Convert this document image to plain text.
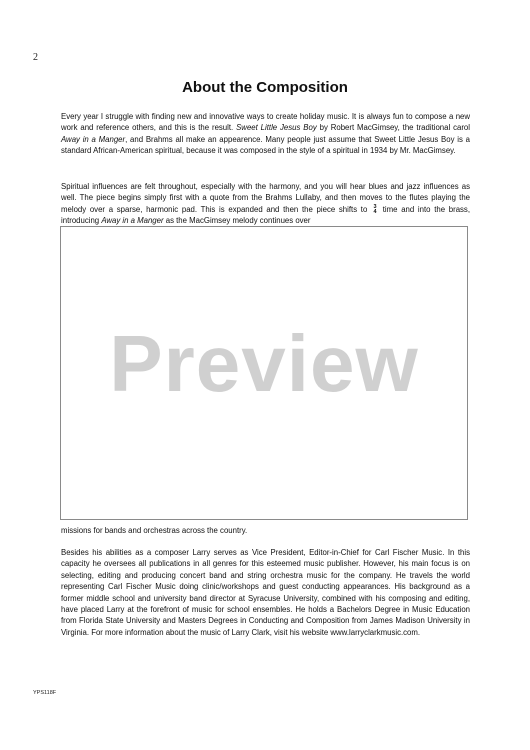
2
About the Composition

Every year I struggle with finding new and innovative ways to create holiday music. It is always fun to compose a new work and reference others, and this is the result. Sweet Little Jesus Boy by Robert MacGimsey, the traditional carol Away in a Manger, and Brahms all make an appearence. Many people just assume that Sweet Little Jesus Boy is a standard African-American spiritual, because it was composed in the style of a spiritual in 1934 by Mr. MacGimsey.

Spiritual influences are felt throughout, especially with the harmony, and you will hear blues and jazz influences as well. The piece begins simply first with a quote from the Brahms Lullaby, and then moves to the flutes playing the melody over a sparse, harmonic pad. This is expanded and then the piece shifts to 3
4 time and into the brass, introducing Away in a Manger as the MacGimsey melody continues over

Preview

missions for bands and orchestras across the country.

Besides his abilities as a composer Larry serves as Vice President, Editor-in-Chief for Carl Fischer Music. In this capacity he oversees all publications in all genres for this esteemed music publisher. However, his main focus is on selecting, editing and producing concert band and string orchestra music for the company. He travels the world representing Carl Fischer Music doing clinic/workshops and guest conducting appearances. His background as a former middle school and university band director at Syracuse University, combined with his composing and editing, have placed Larry at the forefront of music for school ensembles. He holds a Bachelors Degree in Music Education from Florida State University and Masters Degrees in Conducting and Composition from James Madison University in Virginia. For more information about the music of Larry Clark, visit his website www.larryclarkmusic.com.

YPS118F
